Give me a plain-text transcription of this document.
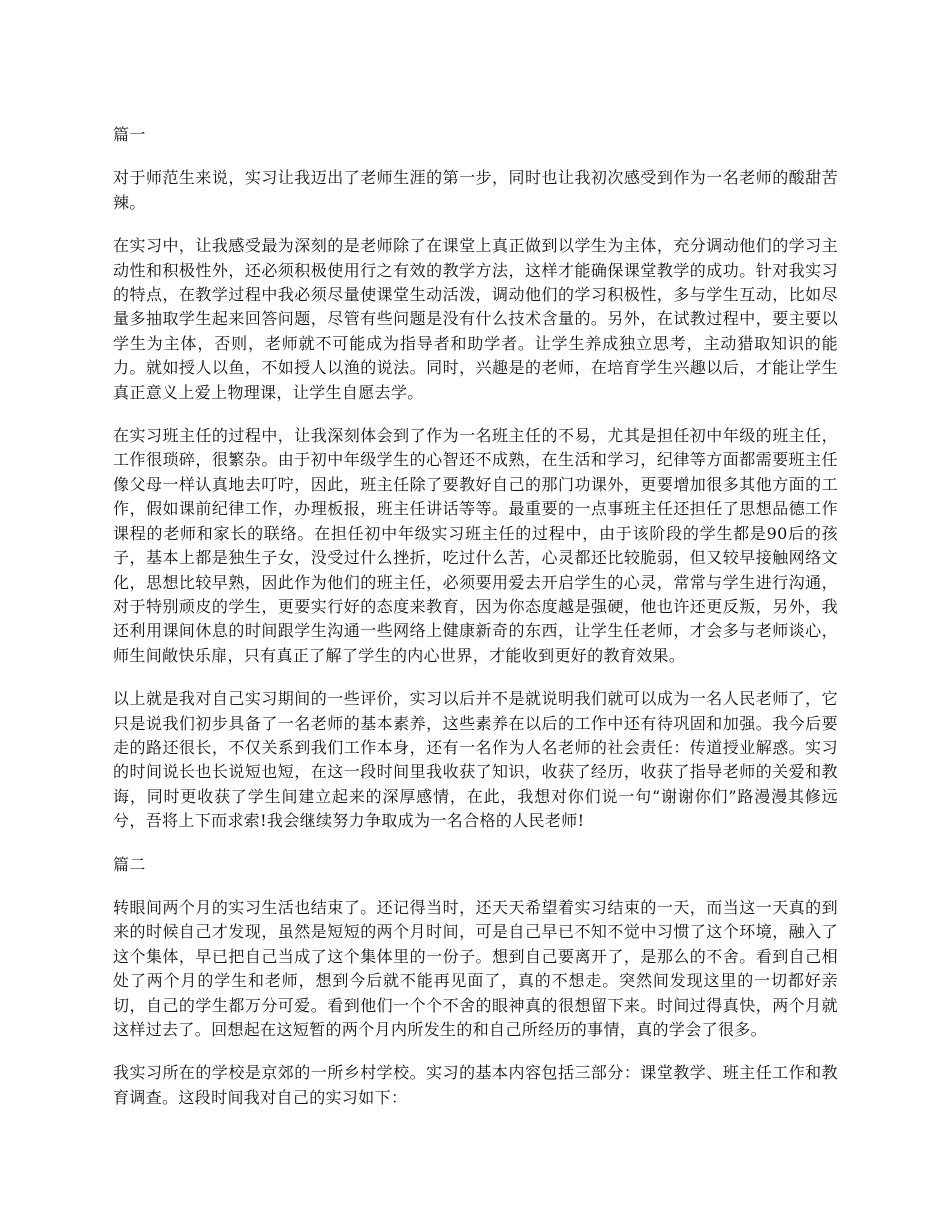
篇一
对于师范生来说，实习让我迈出了老师生涯的第一步，同时也让我初次感受到作为一名老师的酸甜苦辣。
在实习中，让我感受最为深刻的是老师除了在课堂上真正做到以学生为主体，充分调动他们的学习主动性和积极性外，还必须积极使用行之有效的教学方法，这样才能确保课堂教学的成功。针对我实习的特点，在教学过程中我必须尽量使课堂生动活泼，调动他们的学习积极性，多与学生互动，比如尽量多抽取学生起来回答问题，尽管有些问题是没有什么技术含量的。另外，在试教过程中，要主要以学生为主体，否则，老师就不可能成为指导者和助学者。让学生养成独立思考，主动猎取知识的能力。就如授人以鱼，不如授人以渔的说法。同时，兴趣是的老师，在培育学生兴趣以后，才能让学生真正意义上爱上物理课，让学生自愿去学。
在实习班主任的过程中，让我深刻体会到了作为一名班主任的不易，尤其是担任初中年级的班主任，工作很琐碎，很繁杂。由于初中年级学生的心智还不成熟，在生活和学习，纪律等方面都需要班主任像父母一样认真地去叮咛，因此，班主任除了要教好自己的那门功课外，更要增加很多其他方面的工作，假如课前纪律工作，办理板报，班主任讲话等等。最重要的一点事班主任还担任了思想品德工作课程的老师和家长的联络。在担任初中年级实习班主任的过程中，由于该阶段的学生都是90后的孩子，基本上都是独生子女，没受过什么挫折，吃过什么苦，心灵都还比较脆弱，但又较早接触网络文化，思想比较早熟，因此作为他们的班主任，必须要用爱去开启学生的心灵，常常与学生进行沟通，对于特别顽皮的学生，更要实行好的态度来教育，因为你态度越是强硬，他也许还更反叛，另外，我还利用课间休息的时间跟学生沟通一些网络上健康新奇的东西，让学生任老师，才会多与老师谈心，师生间敞快乐扉，只有真正了解了学生的内心世界，才能收到更好的教育效果。
以上就是我对自己实习期间的一些评价，实习以后并不是就说明我们就可以成为一名人民老师了，它只是说我们初步具备了一名老师的基本素养，这些素养在以后的工作中还有待巩固和加强。我今后要走的路还很长，不仅关系到我们工作本身，还有一名作为人名老师的社会责任：传道授业解惑。实习的时间说长也长说短也短，在这一段时间里我收获了知识，收获了经历，收获了指导老师的关爱和教诲，同时更收获了学生间建立起来的深厚感情，在此，我想对你们说一句“谢谢你们”路漫漫其修远兮，吾将上下而求索!我会继续努力争取成为一名合格的人民老师!
篇二
转眼间两个月的实习生活也结束了。还记得当时，还天天希望着实习结束的一天，而当这一天真的到来的时候自己才发现，虽然是短短的两个月时间，可是自己早已不知不觉中习惯了这个环境，融入了这个集体，早已把自己当成了这个集体里的一份子。想到自己要离开了，是那么的不舍。看到自己相处了两个月的学生和老师，想到今后就不能再见面了，真的不想走。突然间发现这里的一切都好亲切，自己的学生都万分可爱。看到他们一个个不舍的眼神真的很想留下来。时间过得真快，两个月就这样过去了。回想起在这短暂的两个月内所发生的和自己所经历的事情，真的学会了很多。
我实习所在的学校是京郊的一所乡村学校。实习的基本内容包括三部分：课堂教学、班主任工作和教育调查。这段时间我对自己的实习如下：
